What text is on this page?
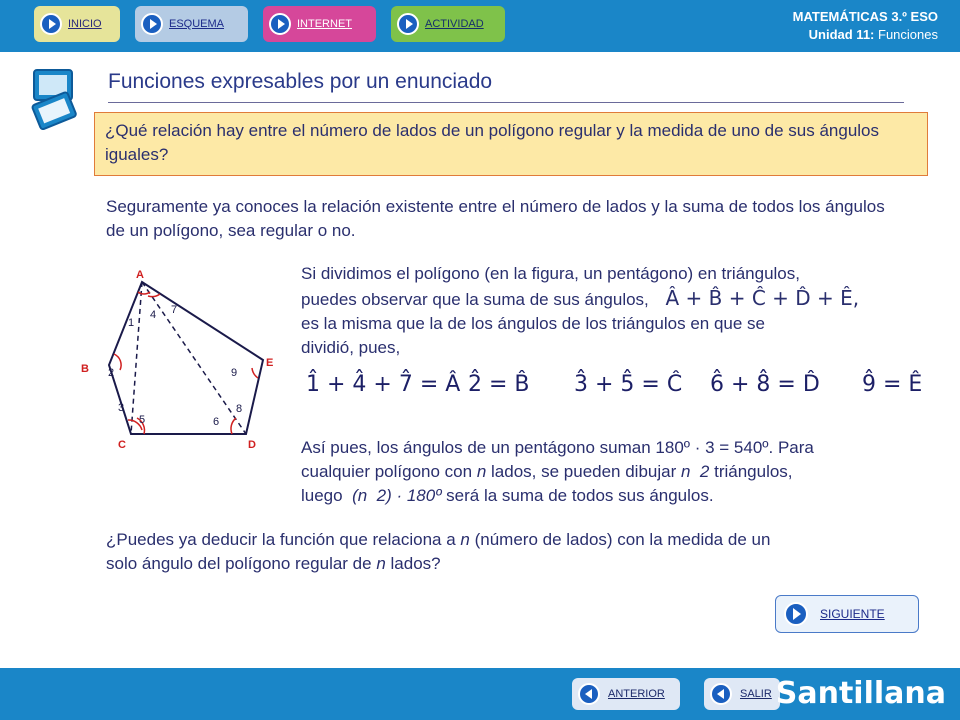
INICIO	ESQUEMA	INTERNET	ACTIVIDAD	MATEMÁTICAS 3.º ESO
Unidad 11: Funciones
Funciones expresables por un enunciado
¿Qué relación hay entre el número de lados de un polígono regular y la medida de uno de sus ángulos iguales?
Seguramente ya conoces la relación existente entre el número de lados y la suma de todos los ángulos de un polígono, sea regular o no.
A
B
C	D
E
1
2
3
4
5	6
7
8
9
Si dividimos el polígono (en la figura, un pentágono) en triángulos,
puedes observar que la suma de sus ángulos, Â + B̂ + Ĉ + D̂ + Ê,
es la misma que la de los ángulos de los triángulos en que se
dividió, pues,
1̂ + 4̂ + 7̂ = Â 2̂ = B̂ 3̂ + 5̂ = Ĉ 6̂ + 8̂ = D̂ 9̂ = Ê
Así pues, los ángulos de un pentágono suman 180º · 3 = 540º. Para
cualquier polígono con n lados, se pueden dibujar n  2 triángulos,
luego (n  2) · 180º será la suma de todos sus ángulos.
¿Puedes ya deducir la función que relaciona a n (número de lados) con la medida de un
solo ángulo del polígono regular de n lados?
SIGUIENTE
ANTERIOR	SALIR Santillana
